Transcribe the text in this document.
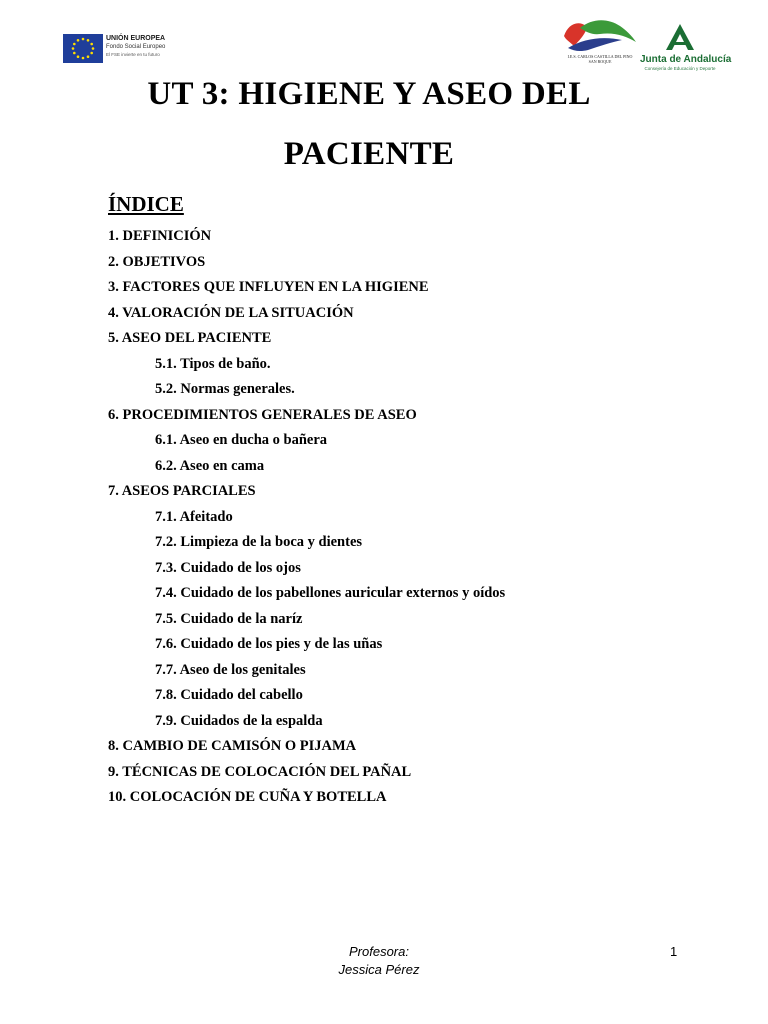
UNIÓN EUROPEA
Fondo Social Europeo
El FSE invierte en tu futuro	I.E.S. CARLOS CASTILLA DEL PINO
SAN ROQUE	Junta de Andalucía
Consejería de Educación y Deporte
UT 3: HIGIENE Y ASEO DEL
PACIENTE
ÍNDICE
1. DEFINICIÓN
2. OBJETIVOS
3. FACTORES QUE INFLUYEN EN LA HIGIENE
4. VALORACIÓN DE LA SITUACIÓN
5. ASEO DEL PACIENTE
5.1. Tipos de baño.
5.2. Normas generales.
6. PROCEDIMIENTOS GENERALES DE ASEO
6.1. Aseo en ducha o bañera
6.2. Aseo en cama
7. ASEOS PARCIALES
7.1. Afeitado
7.2. Limpieza de la boca y dientes
7.3. Cuidado de los ojos
7.4. Cuidado de los pabellones auricular externos y oídos
7.5. Cuidado de la naríz
7.6. Cuidado de los pies y de las uñas
7.7. Aseo de los genitales
7.8. Cuidado del cabello
7.9. Cuidados de la espalda
8. CAMBIO DE CAMISÓN O PIJAMA
9. TÉCNICAS DE COLOCACIÓN DEL PAÑAL
10. COLOCACIÓN DE CUÑA Y BOTELLA
Profesora:
Jessica Pérez
1
